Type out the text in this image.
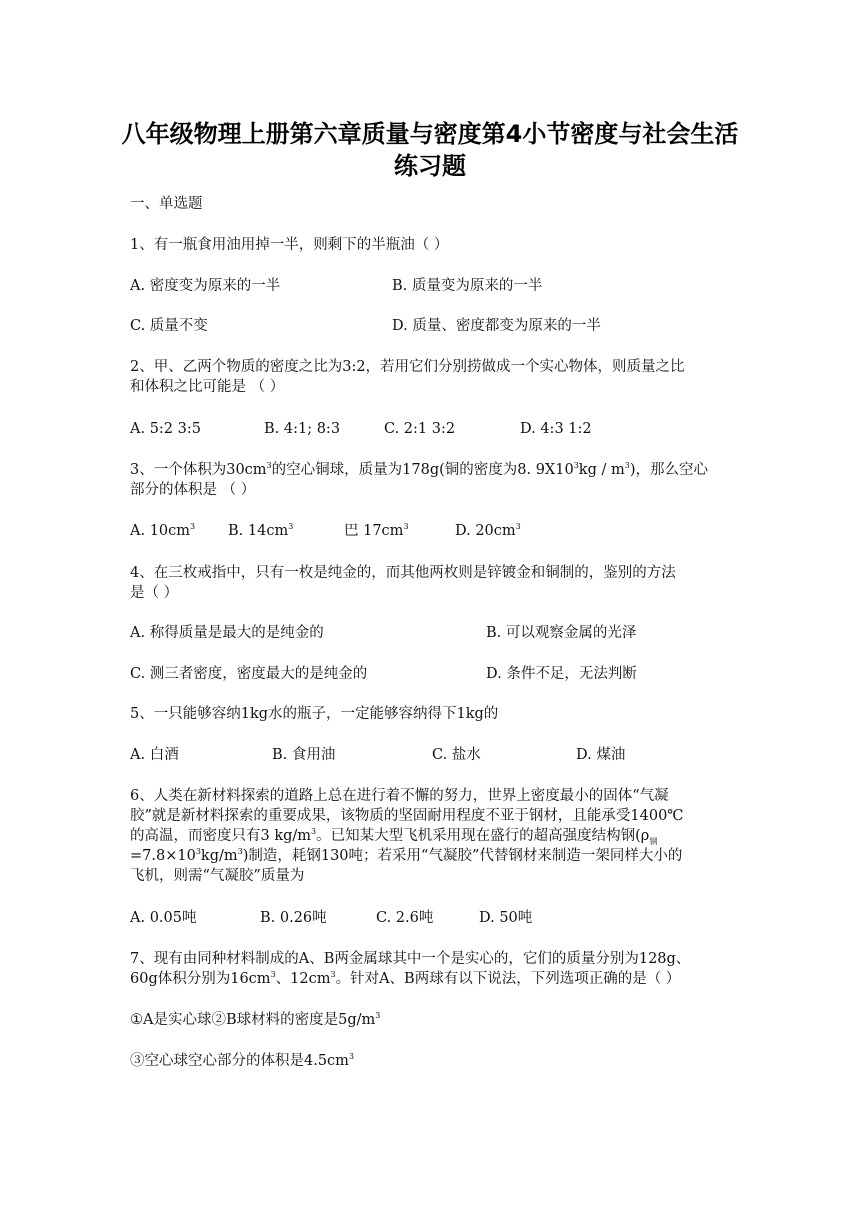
八年级物理上册第六章质量与密度第4小节密度与社会生活
练习题
一、单选题
1、有一瓶食用油用掉一半，则剩下的半瓶油（ ）
A. 密度变为原来的一半	B. 质量变为原来的一半
C. 质量不变	D. 质量、密度都变为原来的一半
2、甲、乙两个物质的密度之比为3:2，若用它们分别捞做成一个实心物体，则质量之比
和体积之比可能是 （ ）
A. 5:2 3:5	B. 4:1; 8:3	C. 2:1 3:2	D. 4:3 1:2
3、一个体积为$30cm^3$的空心铜球，质量为178g(铜的密度为8. $9X10^3kg / m^3$)，那么空心
部分的体积是 （ ）
A. $10cm^3$ B. $14cm^3$	巴 $17cm^3$	D. $20cm^3$
4、在三枚戒指中，只有一枚是纯金的，而其他两枚则是锌镀金和铜制的，鉴别的方法
是（ ）
A. 称得质量是最大的是纯金的	B. 可以观察金属的光泽
C. 测三者密度，密度最大的是纯金的	D. 条件不足，无法判断
5、一只能够容纳1kg水的瓶子，一定能够容纳得下1kg的
A. 白酒	B. 食用油	C. 盐水	D. 煤油
6、人类在新材料探索的道路上总在进行着不懈的努力，世界上密度最小的固体“气凝
胶”就是新材料探索的重要成果，该物质的坚固耐用程度不亚于钢材，且能承受1400℃
的高温，而密度只有3 $kg/m^3$。已知某大型飞机采用现在盛行的超高强度结构钢($\rho_钢$
$=7.8\times 10^3kg/m^3$)制造，耗钢130吨；若采用“气凝胶”代替钢材来制造一架同样大小的
飞机，则需“气凝胶”质量为
A. 0.05吨	B. 0.26吨	C. 2.6吨	D. 50吨
7、现有由同种材料制成的A、B两金属球其中一个是实心的，它们的质量分别为128g、
60g体积分别为$16cm^3$、$12cm^3$。针对A、B两球有以下说法，下列选项正确的是（ ）
①A是实心球②B球材料的密度是$5g/m^3$
③空心球空心部分的体积是$4.5cm^3$
